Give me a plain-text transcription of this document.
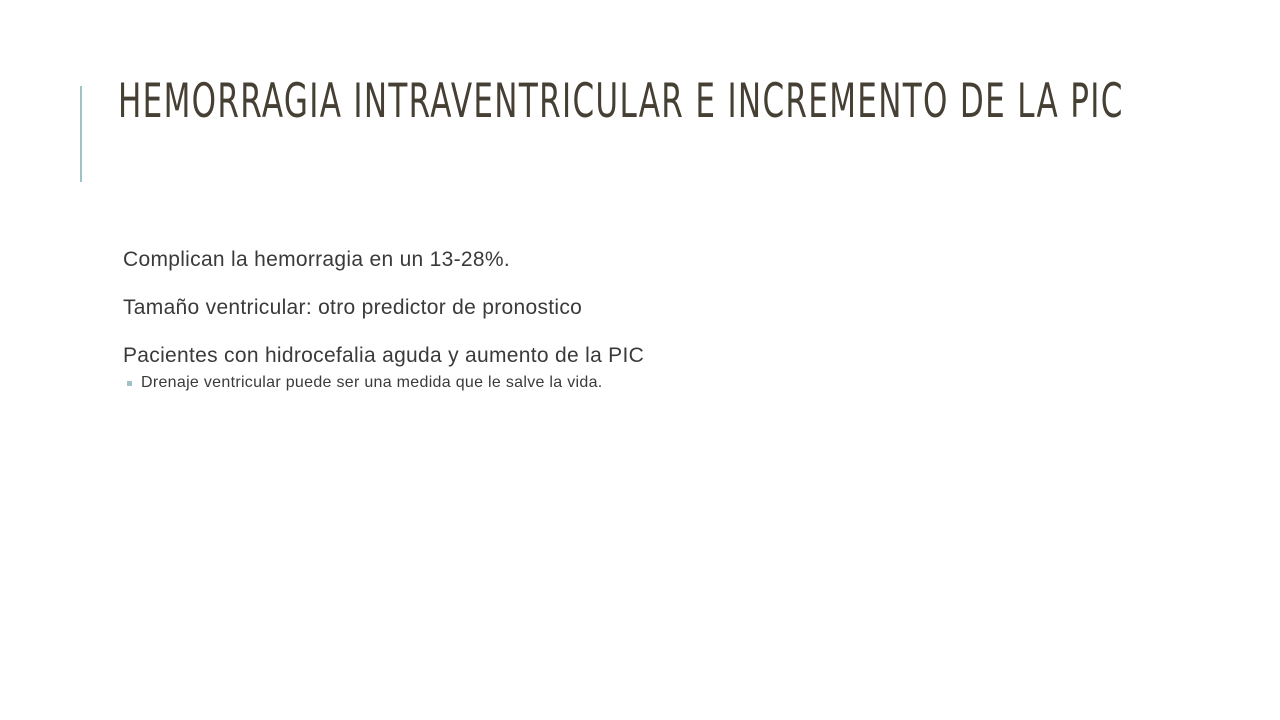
HEMORRAGIA INTRAVENTRICULAR E INCREMENTO DE LA PIC

Complican la hemorragia en un 13-28%.

Tamaño ventricular: otro predictor de pronostico

Pacientes con hidrocefalia aguda y aumento de la PIC

Drenaje ventricular puede ser una medida que le salve la vida.
